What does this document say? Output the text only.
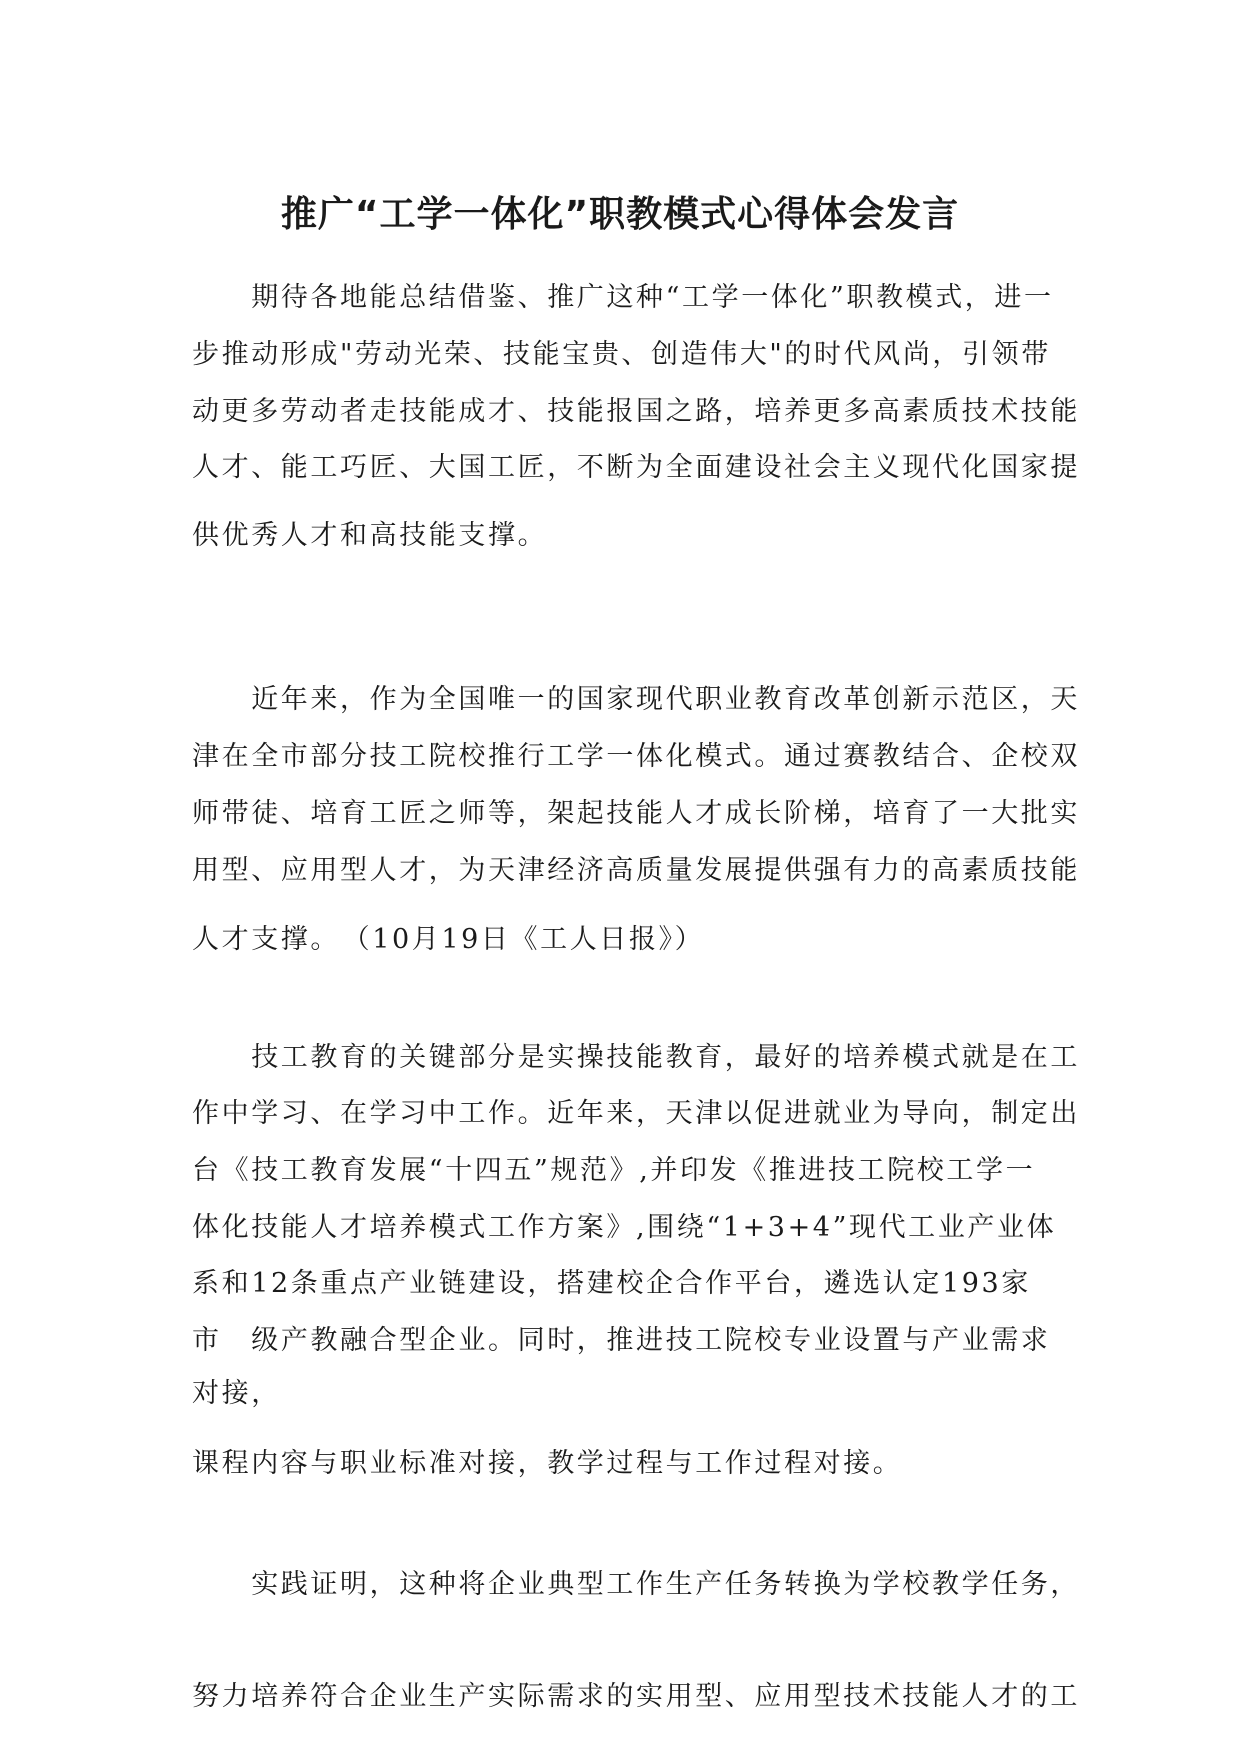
推广“工学一体化”职教模式心得体会发言
　　期待各地能总结借鉴、推广这种“工学一体化”职教模式，进一
步推动形成"劳动光荣、技能宝贵、创造伟大"的时代风尚，引领带
动更多劳动者走技能成才、技能报国之路，培养更多高素质技术技能
人才、能工巧匠、大国工匠，不断为全面建设社会主义现代化国家提
供优秀人才和高技能支撑。
　　近年来，作为全国唯一的国家现代职业教育改革创新示范区，天
津在全市部分技工院校推行工学一体化模式。通过赛教结合、企校双
师带徒、培育工匠之师等，架起技能人才成长阶梯，培育了一大批实
用型、应用型人才，为天津经济高质量发展提供强有力的高素质技能
人才支撑。　（10月19日《工人日报》）
　　技工教育的关键部分是实操技能教育，最好的培养模式就是在工
作中学习、在学习中工作。近年来，天津以促进就业为导向，制定出
台《技工教育发展“十四五”规范》,并印发《推进技工院校工学一
体化技能人才培养模式工作方案》,围绕“1+3+4”现代工业产业体
系和12条重点产业链建设，搭建校企合作平台，遴选认定193家
市　级产教融合型企业。同时，推进技工院校专业设置与产业需求
对接，
课程内容与职业标准对接，教学过程与工作过程对接。
　　实践证明，这种将企业典型工作生产任务转换为学校教学任务，
努力培养符合企业生产实际需求的实用型、应用型技术技能人才的工
